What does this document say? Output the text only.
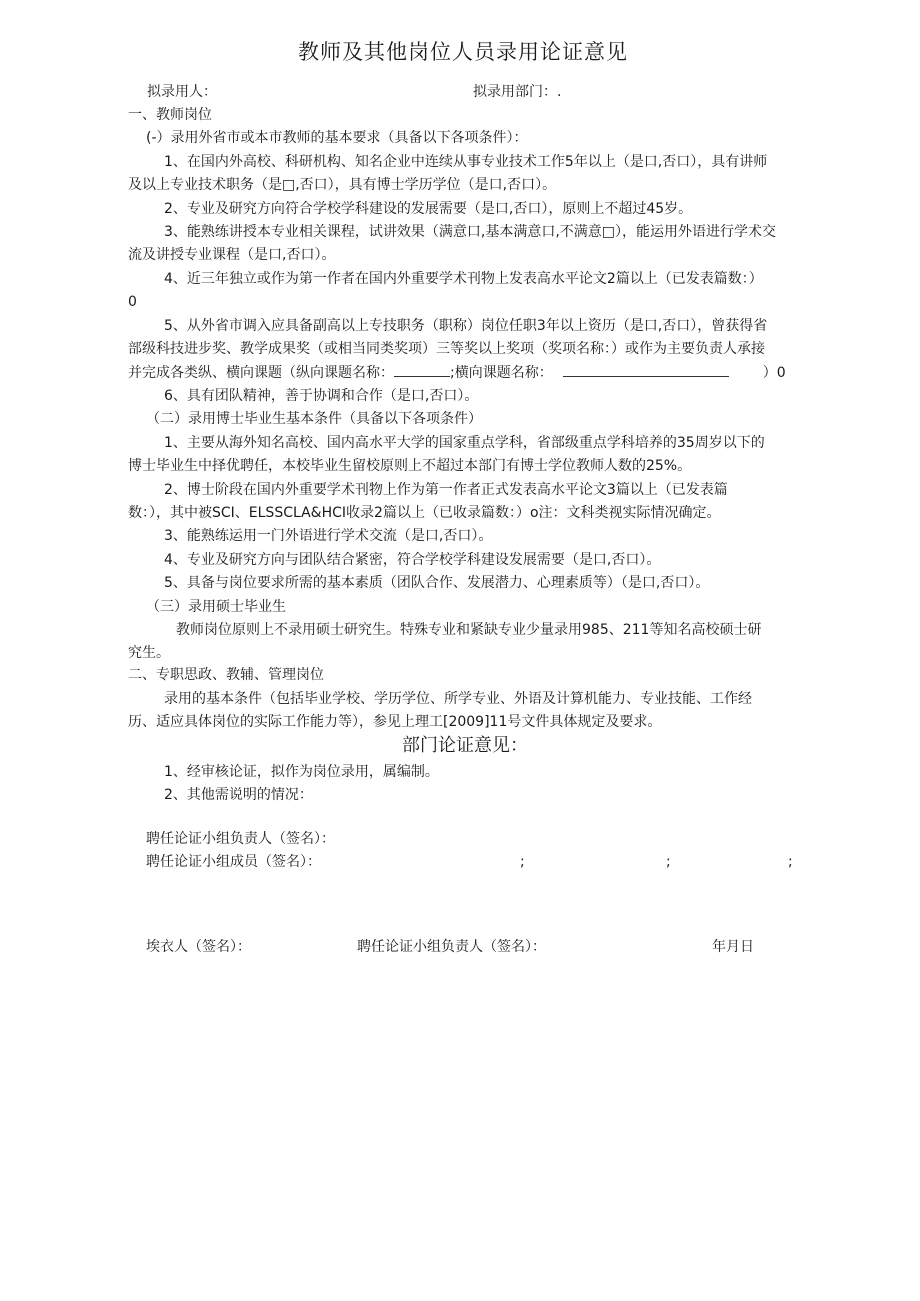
教师及其他岗位人员录用论证意见
拟录用人：	拟录用部门：.
一、教师岗位
(-）录用外省市或本市教师的基本要求（具备以下各项条件）：
1、在国内外高校、科研机构、知名企业中连续从事专业技术工作5年以上（是口,否口），具有讲师
及以上专业技术职务（是□,否口），具有博士学历学位（是口,否口）。
2、专业及研究方向符合学校学科建设的发展需要（是口,否口），原则上不超过45岁。
3、能熟练讲授本专业相关课程，试讲效果（满意口,基本满意口,不满意□），能运用外语进行学术交
流及讲授专业课程（是口,否口）。
4、近三年独立或作为第一作者在国内外重要学术刊物上发表高水平论文2篇以上（已发表篇数：）
0
5、从外省市调入应具备副高以上专技职务（职称）岗位任职3年以上资历（是口,否口），曾获得省
部级科技进步奖、教学成果奖（或相当同类奖项）三等奖以上奖项（奖项名称：）或作为主要负责人承接
并完成各类纵、横向课题（纵向课题名称：	;横向课题名称：	）0
6、具有团队精神，善于协调和合作（是口,否口）。
（二）录用博士毕业生基本条件（具备以下各项条件）
1、主要从海外知名高校、国内高水平大学的国家重点学科，省部级重点学科培养的35周岁以下的
博士毕业生中择优聘任，本校毕业生留校原则上不超过本部门有博士学位教师人数的25%。
2、博士阶段在国内外重要学术刊物上作为第一作者正式发表高水平论文3篇以上（已发表篇
数：），其中被SCI、ELSSCLA&HCI收录2篇以上（已收录篇数：）o注：文科类视实际情况确定。
3、能熟练运用一门外语进行学术交流（是口,否口）。
4、专业及研究方向与团队结合紧密，符合学校学科建设发展需要（是口,否口）。
5、具备与岗位要求所需的基本素质（团队合作、发展潜力、心理素质等）（是口,否口）。
（三）录用硕士毕业生
教师岗位原则上不录用硕士研究生。特殊专业和紧缺专业少量录用985、211等知名高校硕士研
究生。
二、专职思政、教辅、管理岗位
录用的基本条件（包括毕业学校、学历学位、所学专业、外语及计算机能力、专业技能、工作经
历、适应具体岗位的实际工作能力等），参见上理工[2009]11号文件具体规定及要求。
部门论证意见：
1、经审核论证，拟作为岗位录用，属编制。
2、其他需说明的情况：
聘任论证小组负责人（签名）：
聘任论证小组成员（签名）：	;	;	;
埃衣人（签名）：	聘任论证小组负责人（签名）：	年月日
